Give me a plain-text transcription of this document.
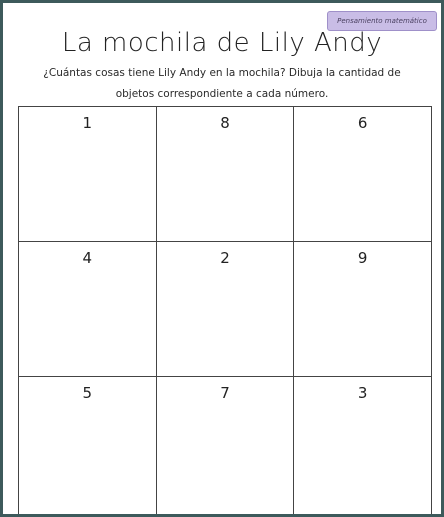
Pensamiento matemático
La mochila de Lily Andy
¿Cuántas cosas tiene Lily Andy en la mochila? Dibuja la cantidad de objetos correspondiente a cada número.
1	8	6
4	2	9
5	7	3
